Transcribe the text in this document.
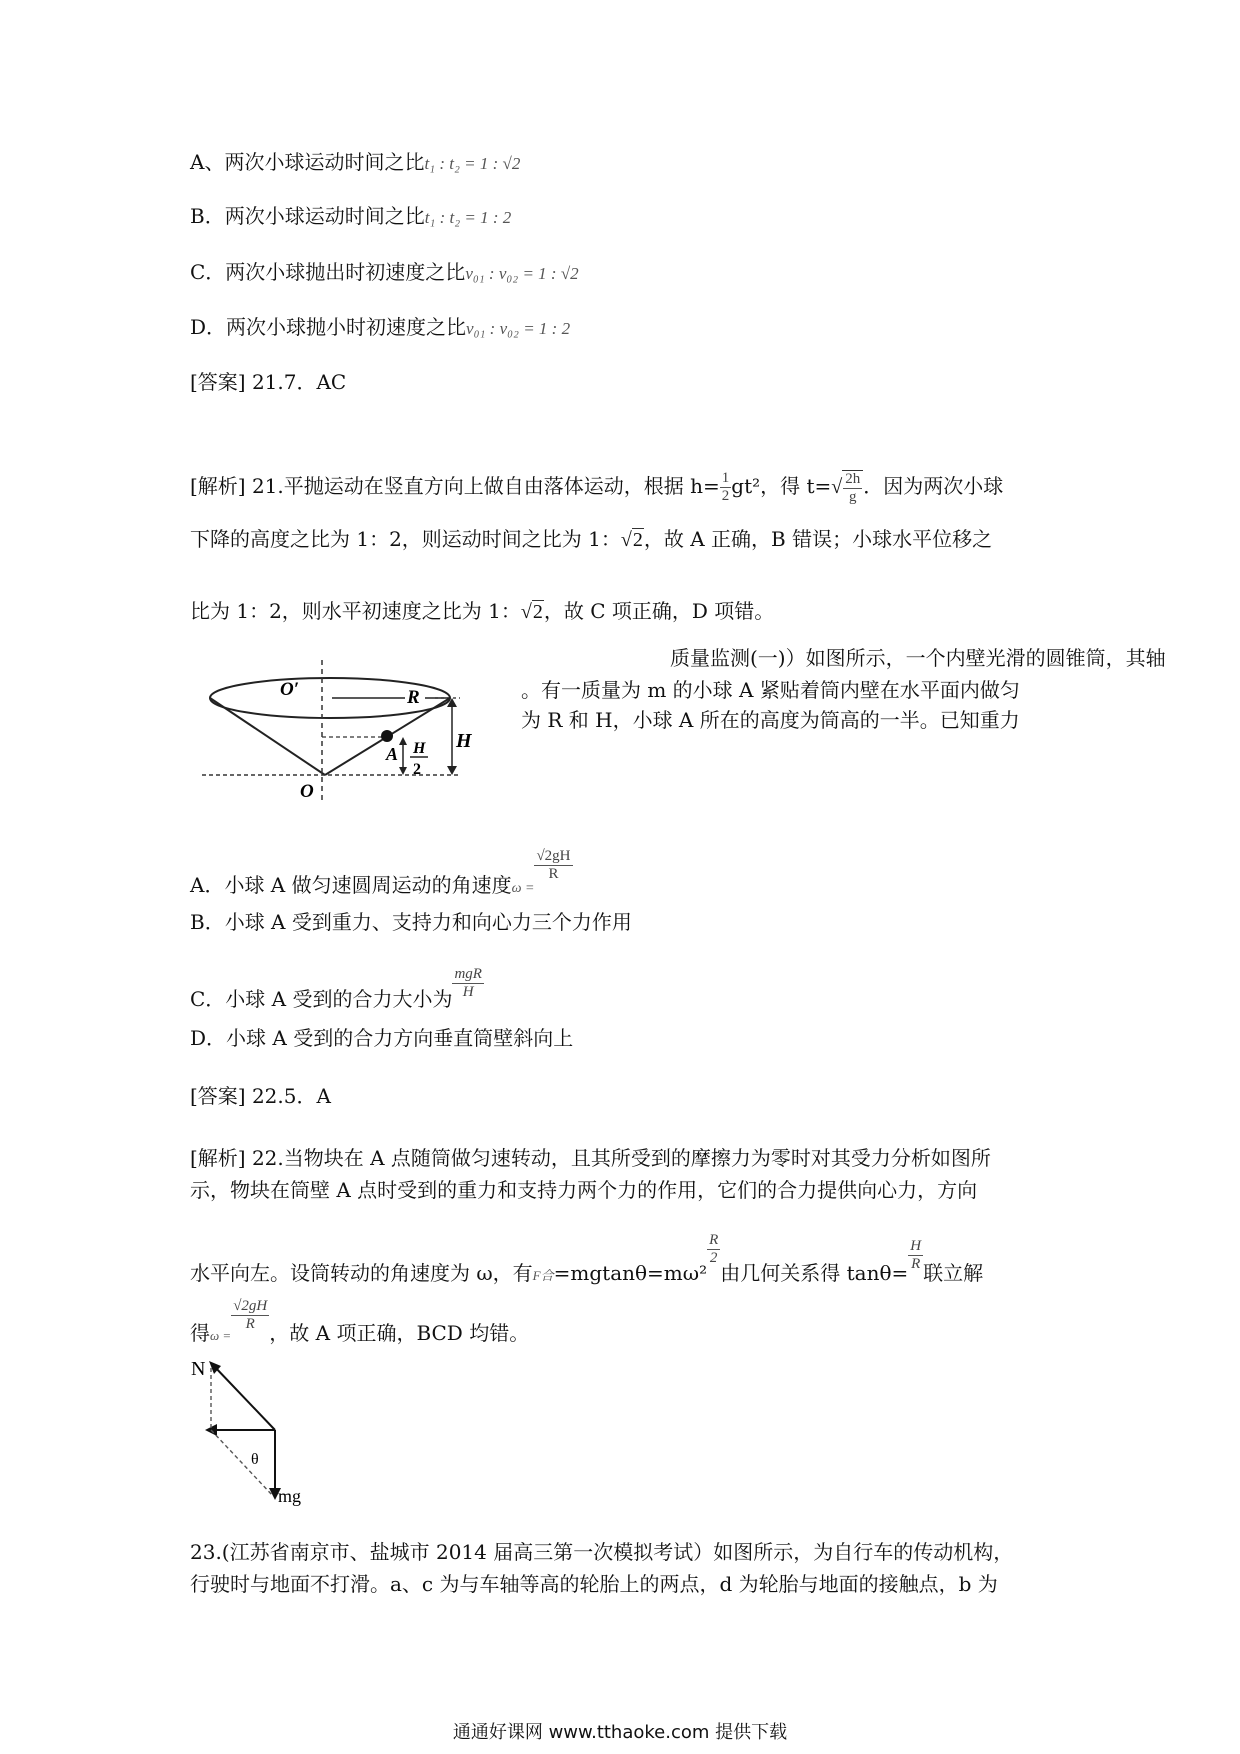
A、两次小球运动时间之比t₁ : t₂ = 1 : √2
B．两次小球运动时间之比t₁ : t₂ = 1 : 2
C．两次小球抛出时初速度之比v₀₁ : v₀₂ = 1 : √2
D．两次小球抛小时初速度之比v₀₁ : v₀₂ = 1 : 2
[答案] 21.7．AC
[解析] 21.平抛运动在竖直方向上做自由落体运动，根据 $h= \frac{1}{2} gt^2$，得 $t=√ \frac{2h}{g}$ ．因为两次小球
下降的高度之比为 1：2，则运动时间之比为 1：√2，故 A 正确，B 错误；小球水平位移之
比为 1：2，则水平初速度之比为 1：√2，故 C 项正确，D 项错。
质量监测(一)）如图所示，一个内壁光滑的圆锥筒，其轴
。有一质量为 m 的小球 A 紧贴着筒内壁在水平面内做匀
为 R 和 H，小球 A 所在的高度为筒高的一半。已知重力
O′	R
H
A H
2
O
A．小球 A 做匀速圆周运动的角速度ω =
$\frac{√2gH}{R}$
B．小球 A 受到重力、支持力和向心力三个力作用
C．小球 A 受到的合力大小为 $\frac{\text{mgR}}{H}$
D．小球 A 受到的合力方向垂直筒壁斜向上
[答案] 22.5．A
[解析] 22.当物块在 A 点随筒做匀速转动，且其所受到的摩擦力为零时对其受力分析如图所
示，物块在筒壁 A 点时受到的重力和支持力两个力的作用，它们的合力提供向心力，方向
水平向左。设筒转动的角速度为 ω，有F合=mgtanθ=mω²
$\frac{R}{2}$
由几何关系得 $\tan\theta= \frac{H}{R}$ 联立解
得ω =
$\frac{√2gH}{R}$ ，故 A 项正确，BCD 均错。
N
θ
mg
23.(江苏省南京市、盐城市 2014 届高三第一次模拟考试）如图所示，为自行车的传动机构，
行驶时与地面不打滑。a、c 为与车轴等高的轮胎上的两点，d 为轮胎与地面的接触点，b 为
通通好课网 www.tthaoke.com 提供下载
